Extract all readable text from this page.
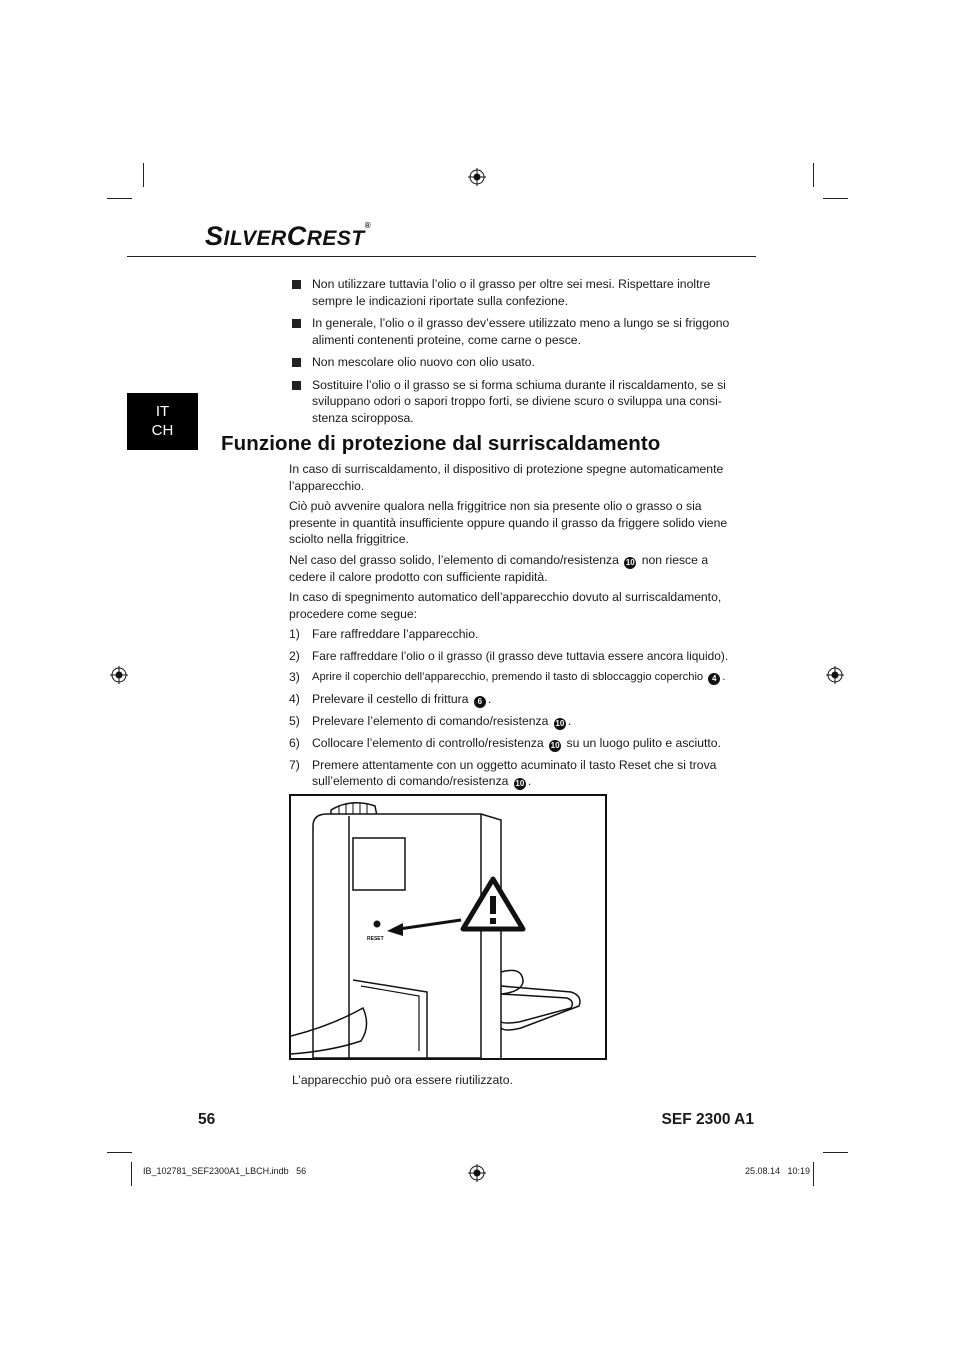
SILVERCREST®
IT
CH
Non utilizzare tuttavia l’olio o il grasso per oltre sei mesi. Rispettare inoltre sempre le indicazioni riportate sulla confezione.
In generale, l’olio o il grasso dev’essere utilizzato meno a lungo se si friggono alimenti contenenti proteine, come carne o pesce.
Non mescolare olio nuovo con olio usato.
Sostituire l’olio o il grasso se si forma schiuma durante il riscaldamento, se si sviluppano odori o sapori troppo forti, se diviene scuro o sviluppa una consi-stenza sciropposa.
Funzione di protezione dal surriscaldamento

In caso di surriscaldamento, il dispositivo di protezione spegne automaticamente l’apparecchio.

Ciò può avvenire qualora nella friggitrice non sia presente olio o grasso o sia presente in quantità insufficiente oppure quando il grasso da friggere solido viene sciolto nella friggitrice.

Nel caso del grasso solido, l’elemento di comando/resistenza 10 non riesce a cedere il calore prodotto con sufficiente rapidità.

In caso di spegnimento automatico dell’apparecchio dovuto al surriscaldamento, procedere come segue:

1) Fare raffreddare l’apparecchio.
2)	Fare raffreddare l’olio o il grasso (il grasso deve tuttavia essere ancora liquido).
3)	Aprire il coperchio dell’apparecchio, premendo il tasto di sbloccaggio coperchio 4 .
4) Prelevare il cestello di frittura 6 .
5) Prelevare l’elemento di comando/resistenza 10 .
6) Collocare l’elemento di controllo/resistenza 10 su un luogo pulito e asciutto.
7) Premere attentamente con un oggetto acuminato il tasto Reset che si trova sull’elemento di comando/resistenza 10 .
RESET
L’apparecchio può ora essere riutilizzato.
56	SEF 2300 A1
IB_102781_SEF2300A1_LBCH.indb   56	25.08.14   10:19
